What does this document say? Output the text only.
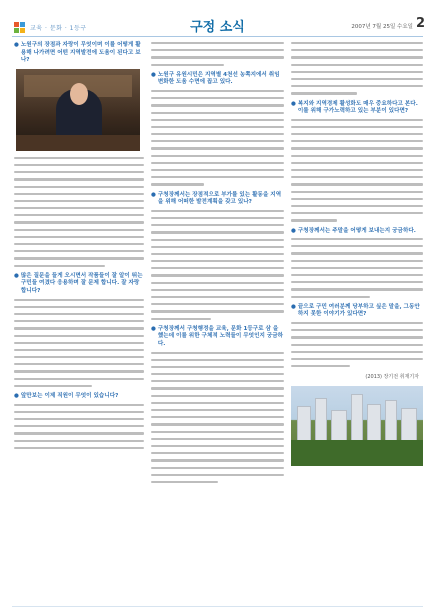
교육 · 문화 · 1등구	구정 소식	2007년 7월 25일 수요일 2
● 노원구의 장점과 자랑이 무엇이며 이를 어떻게 활용해 나가려면 어떤 지역발전에 도움이 된다고 보나?
● 많은 질문을 들게 오시면서 작품들이 잘 알이 뛰는 구민들 여겼다 응용하며 잘 문제 합니다. 잘 자랑합니다?
● 앞만보는 이제 직원이 무엇이 있습니다?
● 노원구 유원시민은 지역별 4천선 농쪽지에서 취임 변화한 도움 수면에 꼽고 있다.
● 구청장께서는 장점적으로 부가를 있는 활동을 지역을 위해 어떠한 발전계획을 갖고 있나?
● 구청장께서 구청행정을 교육, 문화 1등구로 삼 을 했는데 이를 위한 구체적 노력들이 무엇인지 궁금하다.
● 복지와 지역경제 활성화도 매우 중요하다고 본다. 이를 위해 구가노력하고 있는 부분이 있다면?
● 구청장께서는 주말을 어떻게 보내는지 궁금하다.
● 끝으로 구민 여러분께 당부하고 싶은 말을, 그동안 하지 못한 이야기가 있다면?
(2013) 장기전 취재기자
